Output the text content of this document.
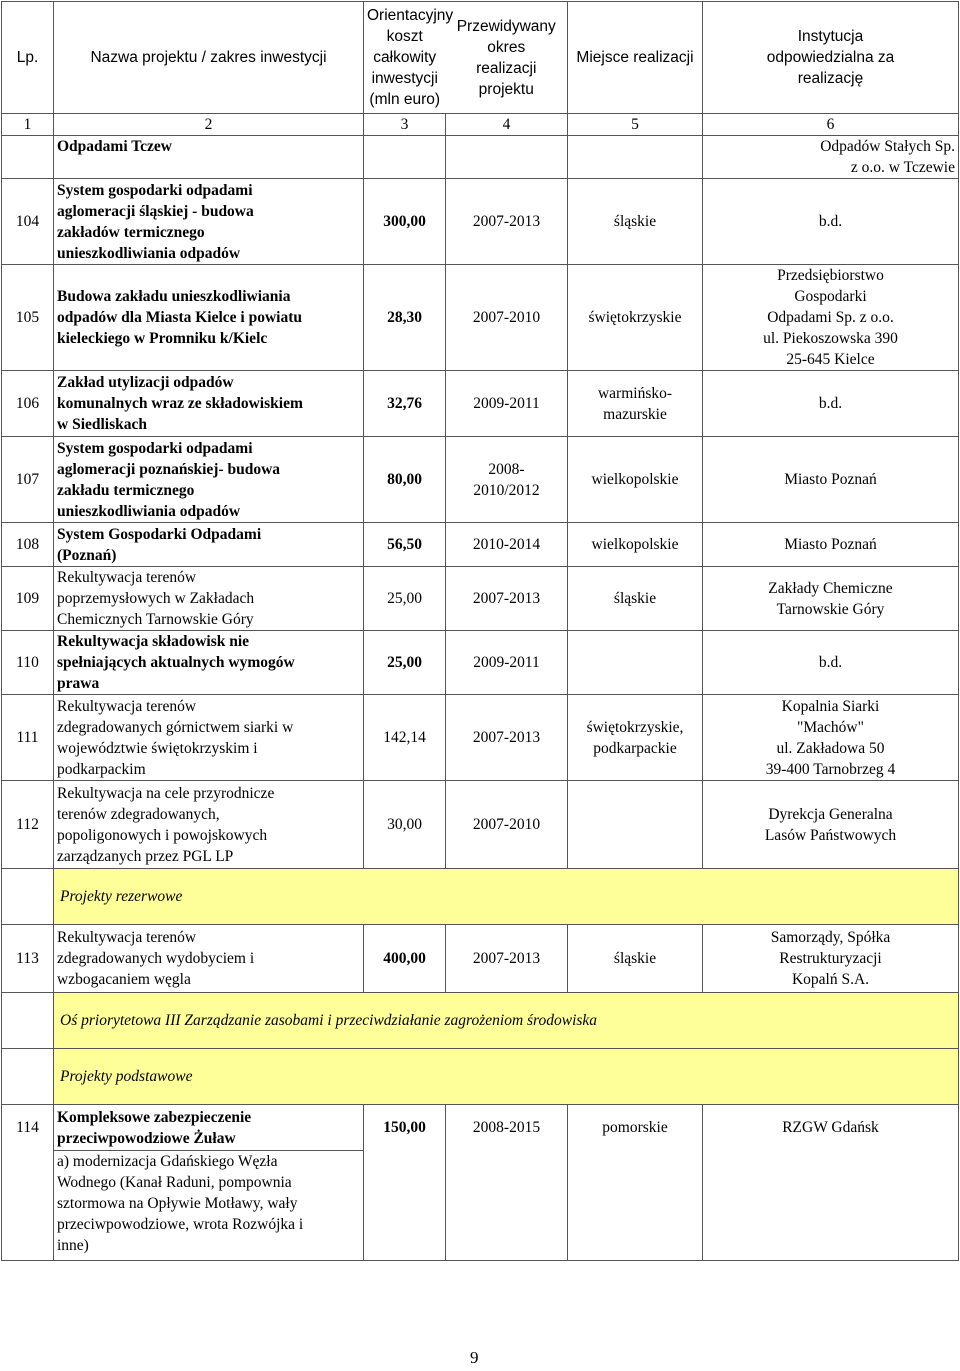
Lp.	Nazwa projektu / zakres inwestycji	Orientacyjny
koszt
całkowity
inwestycji
(mln euro)	Przewidywany
okres
realizacji
projektu	Miejsce realizacji	Instytucja
odpowiedzialna za
realizację
1	2	3	4	5	6
	Odpadami Tczew				Odpadów Stałych Sp.
z o.o. w Tczewie
104	System gospodarki odpadami
aglomeracji śląskiej - budowa
zakładów termicznego
unieszkodliwiania odpadów	300,00	2007-2013	śląskie	b.d.
105	Budowa zakładu unieszkodliwiania
odpadów dla Miasta Kielce i powiatu
kieleckiego w Promniku k/Kielc	28,30	2007-2010	świętokrzyskie	Przedsiębiorstwo
Gospodarki
Odpadami Sp. z o.o.
ul. Piekoszowska 390
25-645 Kielce
106	Zakład utylizacji odpadów
komunalnych wraz ze składowiskiem
w Siedliskach	32,76	2009-2011	warmińsko-mazurskie	b.d.
107	System gospodarki odpadami
aglomeracji poznańskiej- budowa
zakładu termicznego
unieszkodliwiania odpadów	80,00	2008-
2010/2012	wielkopolskie	Miasto Poznań
108	System Gospodarki Odpadami
(Poznań)	56,50	2010-2014	wielkopolskie	Miasto Poznań
109	Rekultywacja terenów
poprzemysłowych w Zakładach
Chemicznych Tarnowskie Góry	25,00	2007-2013	śląskie	Zakłady Chemiczne
Tarnowskie Góry
110	Rekultywacja składowisk nie
spełniających aktualnych wymogów
prawa	25,00	2009-2011		b.d.
111	Rekultywacja terenów
zdegradowanych górnictwem siarki w
województwie świętokrzyskim i
podkarpackim	142,14	2007-2013	świętokrzyskie,
podkarpackie	Kopalnia Siarki
"Machów"
ul. Zakładowa 50
39-400 Tarnobrzeg 4
112	Rekultywacja na cele przyrodnicze
terenów zdegradowanych,
popoligonowych i powojskowych
zarządzanych przez PGL LP	30,00	2007-2010		Dyrekcja Generalna
Lasów Państwowych
	Projekty rezerwowe				
113	Rekultywacja terenów
zdegradowanych wydobyciem i
wzbogacaniem węgla	400,00	2007-2013	śląskie	Samorządy, Spółka
Restrukturyzacji
Kopalń S.A.
	Oś priorytetowa III Zarządzanie zasobami i przeciwdziałanie zagrożeniom środowiska				
	Projekty podstawowe				
114	Kompleksowe zabezpieczenie
przeciwpowodziowe Żuław	150,00	2008-2015	pomorskie	RZGW Gdańsk
	a) modernizacja Gdańskiego Węzła
Wodnego (Kanał Raduni, pompownia
sztormowa na Opływie Motławy, wały
przeciwpowodziowe, wrota Rozwójka i
inne)				
9
